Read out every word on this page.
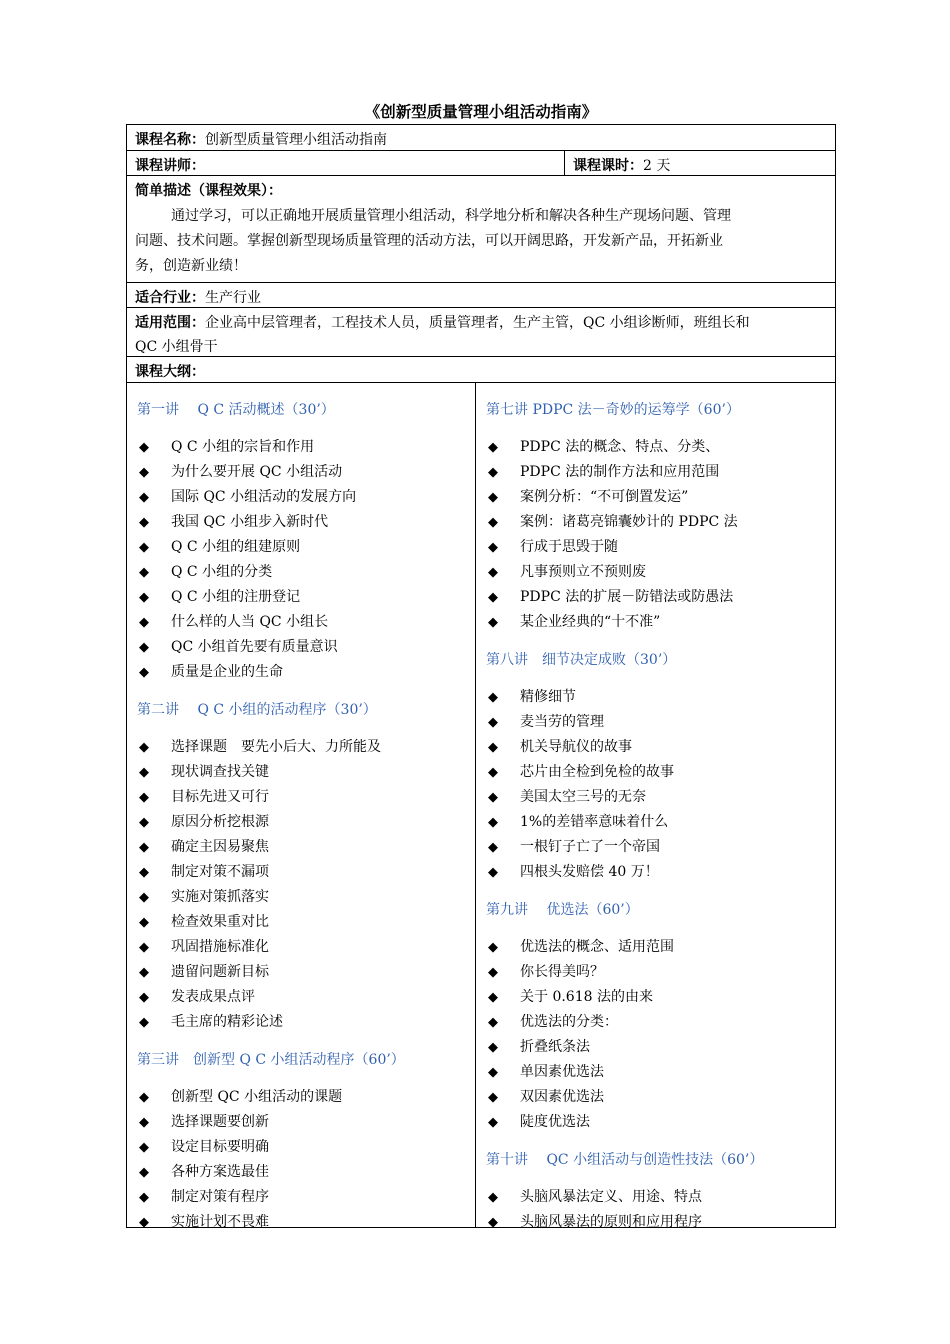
《创新型质量管理小组活动指南》
课程名称：创新型质量管理小组活动指南
课程讲师：	课程课时：2 天
简单描述（课程效果）：
通过学习，可以正确地开展质量管理小组活动，科学地分析和解决各种生产现场问题、管理
问题、技术问题。掌握创新型现场质量管理的活动方法，可以开阔思路，开发新产品，开拓新业
务，创造新业绩！
适合行业：生产行业
适用范围：企业高中层管理者，工程技术人员，质量管理者，生产主管，QC 小组诊断师，班组长和
QC 小组骨干
课程大纲：
第一讲　 Q C 活动概述（30’）
◆ Q C 小组的宗旨和作用
◆ 为什么要开展 QC 小组活动
◆ 国际 QC 小组活动的发展方向
◆ 我国 QC 小组步入新时代
◆ Q C 小组的组建原则
◆ Q C 小组的分类
◆ Q C 小组的注册登记
◆ 什么样的人当 QC 小组长
◆ QC 小组首先要有质量意识
◆ 质量是企业的生命
第二讲　 Q C 小组的活动程序（30’）
◆ 选择课题　要先小后大、力所能及
◆ 现状调查找关键
◆ 目标先进又可行
◆ 原因分析挖根源
◆ 确定主因易聚焦
◆ 制定对策不漏项
◆ 实施对策抓落实
◆ 检查效果重对比
◆ 巩固措施标准化
◆ 遗留问题新目标
◆ 发表成果点评
◆ 毛主席的精彩论述
第三讲　创新型 Q C 小组活动程序（60’）
◆ 创新型 QC 小组活动的课题
◆ 选择课题要创新
◆ 设定目标要明确
◆ 各种方案选最佳
◆ 制定对策有程序
◆ 实施计划不畏难
第七讲 PDPC 法－奇妙的运筹学（60’）
◆ PDPC 法的概念、特点、分类、
◆ PDPC 法的制作方法和应用范围
◆ 案例分析：“不可倒置发运”
◆ 案例：诸葛亮锦囊妙计的 PDPC 法
◆ 行成于思毁于随
◆ 凡事预则立不预则废
◆ PDPC 法的扩展－防错法或防愚法
◆ 某企业经典的“十不准”
第八讲　细节决定成败（30’）
◆ 精修细节
◆ 麦当劳的管理
◆ 机关导航仪的故事
◆ 芯片由全检到免检的故事
◆ 美国太空三号的无奈
◆ 1%的差错率意味着什么
◆ 一根钉子亡了一个帝国
◆ 四根头发赔偿 40 万！
第九讲　 优选法（60’）
◆ 优选法的概念、适用范围
◆ 你长得美吗？
◆ 关于 0.618 法的由来
◆ 优选法的分类：
◆ 折叠纸条法
◆ 单因素优选法
◆ 双因素优选法
◆ 陡度优选法
第十讲　 QC 小组活动与创造性技法（60’）
◆ 头脑风暴法定义、用途、特点
◆ 头脑风暴法的原则和应用程序
